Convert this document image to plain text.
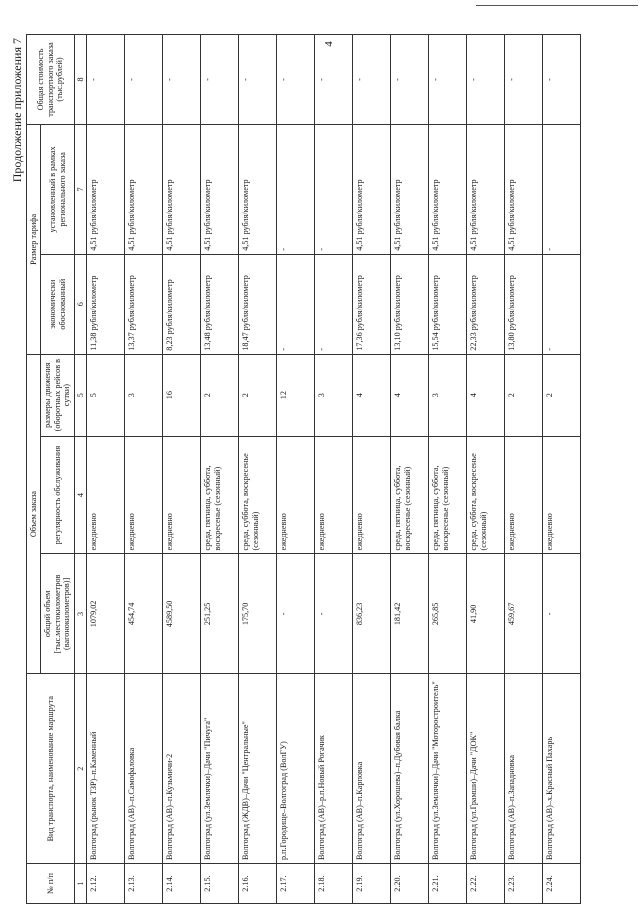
4
Продолжение приложения 7
№ п/п	Вид транспорта, наименование маршрута	Объем заказа			Размер тарифа		Общая стоимость транспортного заказа (тыс.рублей)
		общий объем [тыс.местокилометров (вагонокилометров)]	регулярность обслуживания	размеры движения (оборотных рейсов в сутки)	экономически обоснованный	установленный в рамках регионального заказа	
1	2	3	4	5	6	7	8
2.12.	Волгоград (рынок ТЗР)–п.Каменный	1079,02	ежедневно	5	11,38 рубля/километр	4,51 рубля/километр	-
2.13.	Волгоград (АВ)–п.Самофаловка	454,74	ежедневно	3	13,37 рубля/километр	4,51 рубля/километр	-
2.14.	Волгоград (АВ)–п.Кузьмичи-2	4589,50	ежедневно	16	8,23 рубля/километр	4,51 рубля/километр	-
2.15.	Волгоград (ул.Землячки)–Дачи "Пичуга"	251,25	среда, пятница, суббота, воскресенье (сезонный)	2	13,48 рубля/километр	4,51 рубля/километр	-
2.16.	Волгоград (ЖДВ)–Дачи "Центральные"	175,70	среда, суббота, воскресенье (сезонный)	2	18,47 рубля/километр	4,51 рубля/километр	-
2.17.	р.п.Городище–Волгоград (ВолГУ)	-	ежедневно	12	-	-	-
2.18.	Волгоград (АВ)–р.п.Новый Рогачик	-	ежедневно	3	-	-	-
2.19.	Волгоград (АВ)–п.Карповка	836,23	ежедневно	4	17,36 рубля/километр	4,51 рубля/километр	-
2.20.	Волгоград (ул.Хорошева)–п.Дубовая балка	181,42	среда, пятница, суббота, воскресенье (сезонный)	4	13,10 рубля/километр	4,51 рубля/километр	-
2.21.	Волгоград (ул.Землячки)–Дачи "Моторостроитель"	265,85	среда, пятница, суббота, воскресенье (сезонный)	3	15,54 рубля/километр	4,51 рубля/километр	-
2.22.	Волгоград (ул.Грамши)–Дачи "ДОК"	41,90	среда, суббота, воскресенье (сезонный)	4	22,33 рубля/километр	4,51 рубля/километр	-
2.23.	Волгоград (АВ)–п.Западновка	459,67	ежедневно	2	13,80 рубля/километр	4,51 рубля/километр	-
2.24.	Волгоград (АВ)–х.Красный Пахарь	-	ежедневно	2	-	-	-
